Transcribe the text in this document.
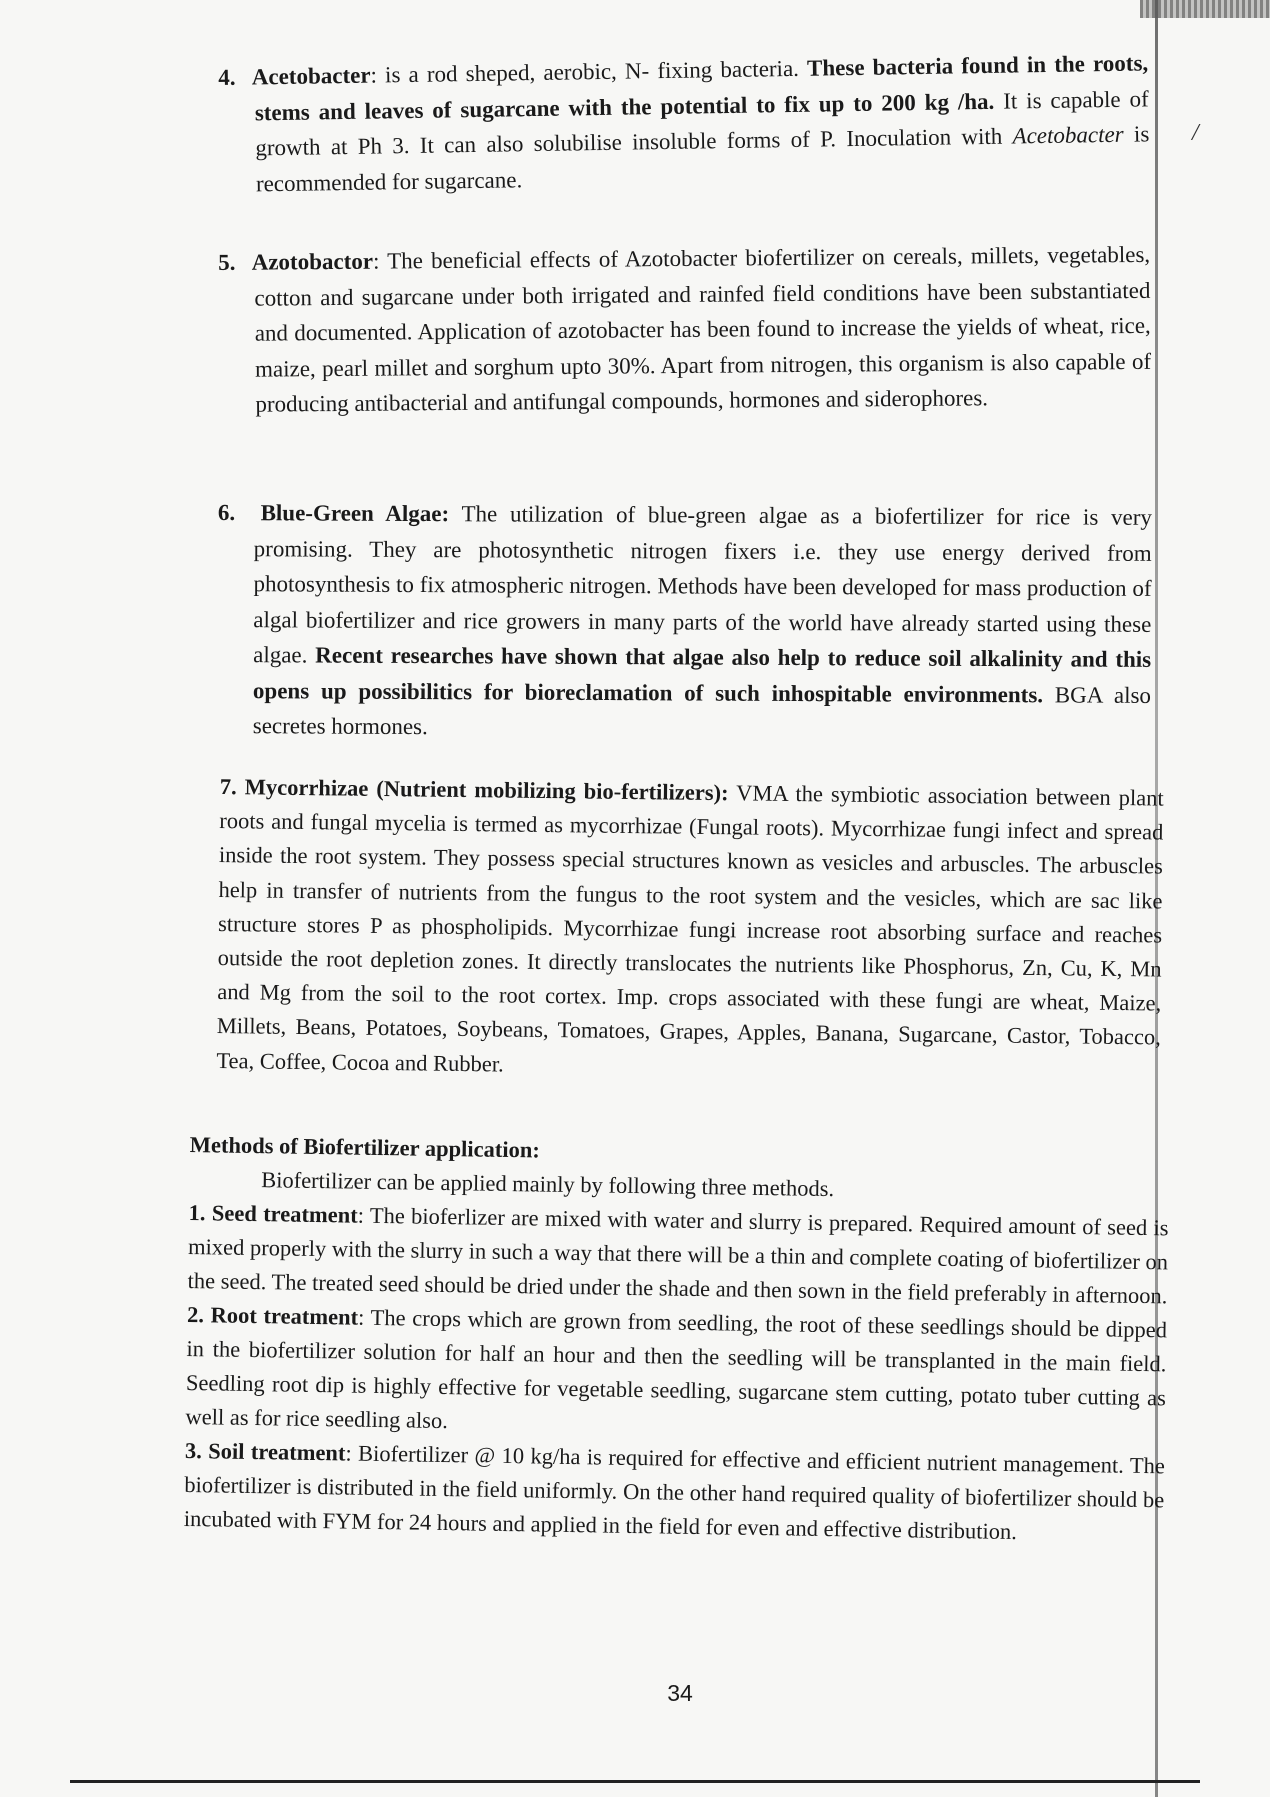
/

4. Acetobacter: is a rod sheped, aerobic, N- fixing bacteria. These bacteria found in the roots, stems and leaves of sugarcane with the potential to fix up to 200 kg /ha. It is capable of growth at Ph 3. It can also solubilise insoluble forms of P. Inoculation with Acetobacter is recommended for sugarcane.

5. Azotobactor: The beneficial effects of Azotobacter biofertilizer on cereals, millets, vegetables, cotton and sugarcane under both irrigated and rainfed field conditions have been substantiated and documented. Application of azotobacter has been found to increase the yields of wheat, rice, maize, pearl millet and sorghum upto 30%. Apart from nitrogen, this organism is also capable of producing antibacterial and antifungal compounds, hormones and siderophores.

6. Blue-Green Algae: The utilization of blue-green algae as a biofertilizer for rice is very promising. They are photosynthetic nitrogen fixers i.e. they use energy derived from photosynthesis to fix atmospheric nitrogen. Methods have been developed for mass production of algal biofertilizer and rice growers in many parts of the world have already started using these algae. Recent researches have shown that algae also help to reduce soil alkalinity and this opens up possibilitics for bioreclamation of such inhospitable environments. BGA also secretes hormones.

7. Mycorrhizae (Nutrient mobilizing bio-fertilizers): VMA the symbiotic association between plant roots and fungal mycelia is termed as mycorrhizae (Fungal roots). Mycorrhizae fungi infect and spread inside the root system. They possess special structures known as vesicles and arbuscles. The arbuscles help in transfer of nutrients from the fungus to the root system and the vesicles, which are sac like structure stores P as phospholipids. Mycorrhizae fungi increase root absorbing surface and reaches outside the root depletion zones. It directly translocates the nutrients like Phosphorus, Zn, Cu, K, Mn and Mg from the soil to the root cortex. Imp. crops associated with these fungi are wheat, Maize, Millets, Beans, Potatoes, Soybeans, Tomatoes, Grapes, Apples, Banana, Sugarcane, Castor, Tobacco, Tea, Coffee, Cocoa and Rubber.

Methods of Biofertilizer application:

Biofertilizer can be applied mainly by following three methods.

1. Seed treatment: The bioferlizer are mixed with water and slurry is prepared. Required amount of seed is mixed properly with the slurry in such a way that there will be a thin and complete coating of biofertilizer on the seed. The treated seed should be dried under the shade and then sown in the field preferably in afternoon.

2. Root treatment: The crops which are grown from seedling, the root of these seedlings should be dipped in the biofertilizer solution for half an hour and then the seedling will be transplanted in the main field. Seedling root dip is highly effective for vegetable seedling, sugarcane stem cutting, potato tuber cutting as well as for rice seedling also.

3. Soil treatment: Biofertilizer @ 10 kg/ha is required for effective and efficient nutrient management. The biofertilizer is distributed in the field uniformly. On the other hand required quality of biofertilizer should be incubated with FYM for 24 hours and applied in the field for even and effective distribution.

34
